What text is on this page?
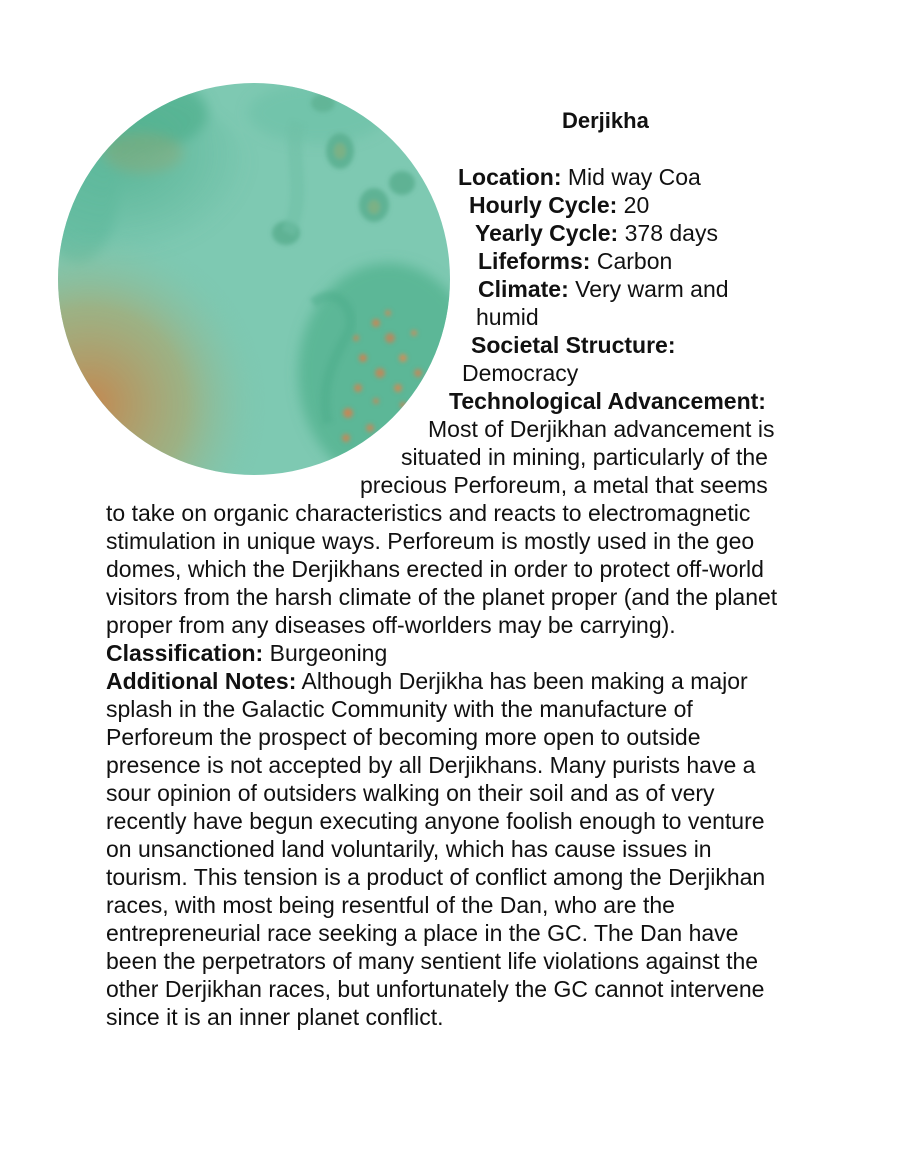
Derjikha
Location: Mid way Coa
Hourly Cycle: 20
Yearly Cycle: 378 days
Lifeforms: Carbon
Climate: Very warm and
humid
Societal Structure:
Democracy
Technological Advancement:
Most of Derjikhan advancement is
situated in mining, particularly of the
precious Perforeum, a metal that seems
to take on organic characteristics and reacts to electromagnetic
stimulation in unique ways. Perforeum is mostly used in the geo
domes, which the Derjikhans erected in order to protect off-world
visitors from the harsh climate of the planet proper (and the planet
proper from any diseases off-worlders may be carrying).
Classification: Burgeoning
Additional Notes: Although Derjikha has been making a major
splash in the Galactic Community with the manufacture of
Perforeum the prospect of becoming more open to outside
presence is not accepted by all Derjikhans. Many purists have a
sour opinion of outsiders walking on their soil and as of very
recently have begun executing anyone foolish enough to venture
on unsanctioned land voluntarily, which has cause issues in
tourism. This tension is a product of conflict among the Derjikhan
races, with most being resentful of the Dan, who are the
entrepreneurial race seeking a place in the GC. The Dan have
been the perpetrators of many sentient life violations against the
other Derjikhan races, but unfortunately the GC cannot intervene
since it is an inner planet conflict.
